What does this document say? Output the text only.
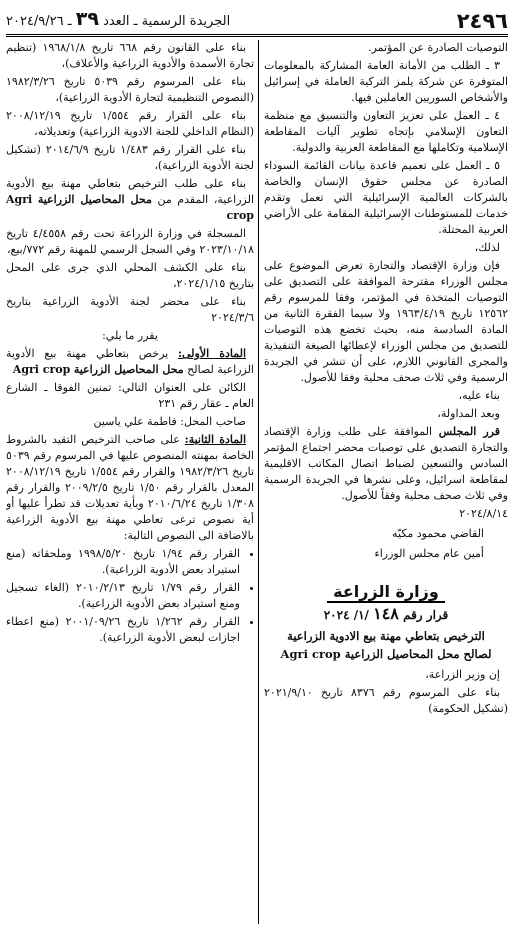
٢٤٩٦
الجريدة الرسمية ـ العدد ٣٩ ـ ٢٠٢٤/٩/٢٦

التوصيات الصادرة عن المؤتمر.

٣ ـ الطلب من الأمانة العامة المشاركة بالمعلومات المتوفرة عن شركة يلمز التركية العاملة في إسرائيل والأشخاص السوريين العاملين فيها.

٤ ـ العمل على تعزيز التعاون والتنسيق مع منظمة التعاون الإسلامي بإتجاه تطوير آليات المقاطعة الإسلامية وتكاملها مع المقاطعة العربية والدولية.

٥ ـ العمل على تعميم قاعدة بيانات القائمة السوداء الصادرة عن مجلس حقوق الإنسان والخاصة بالشركات العالمية الإسرائيلية التي تعمل وتقدم خدمات للمستوطنات الإسرائيلية المقامة على الأراضي العربية المحتلة.

لذلك،

فإن وزارة الإقتصاد والتجارة تعرض الموضوع على مجلس الوزراء مقترحة الموافقة على التصديق على التوصيات المتخذة في المؤتمر، وفقا للمرسوم رقم ١٢٥٦٢ تاريخ ١٩٦٣/٤/١٩ ولا سيما الفقرة الثانية من المادة السادسة منه، بحيث تخضع هذه التوصيات للتصديق من مجلس الوزراء لإعطائها الصيغة التنفيذية والمجرى القانوني اللازم، على أن تنشر في الجريدة الرسمية وفي ثلاث صحف محلية وفقا للأصول.

بناء عليه،

وبعد المداولة،

قرر المجلس الموافقة على طلب وزارة الإقتصاد والتجارة التصديق على توصيات محضر اجتماع المؤتمر السادس والتسعين لضباط اتصال المكاتب الاقليمية لمقاطعة اسرائيل، وعلى نشرها في الجريدة الرسمية وفي ثلاث صحف محلية وفقاً للأصول.

٢٠٢٤/٨/١٤

القاضي محمود مكيّه

أمين عام مجلس الوزراء

وزارة الزراعة
قرار رقم ١٤٨ /١/ ٢٠٢٤
الترخيص بتعاطي مهنة بيع الادوية الزراعية
لصالح محل المحاصيل الزراعية Agri crop

إن وزير الزراعة،

بناء على المرسوم رقم ٨٣٧٦ تاريخ ٢٠٢١/٩/١٠ (تشكيل الحكومة)

بناء على القانون رقم ٦٦٨ تاريخ ١٩٦٨/١/٨ (تنظيم تجارة الأسمدة والأدوية الزراعية والأعلاف)،

بناء على المرسوم رقم ٥٠٣٩ تاريخ ١٩٨٢/٣/٢٦ (النصوص التنظيمية لتجارة الأدوية الزراعية)،

بناء على القرار رقم ١/٥٥٤ تاريخ ٢٠٠٨/١٢/١٩ (النظام الداخلي للجنة الادوية الزراعية) وتعديلاته،

بناء على القرار رقم ١/٤٨٣ تاريخ ٢٠١٤/٦/٩ (تشكيل لجنة الأدوية الزراعية)،

بناء على طلب الترخيص بتعاطي مهنة بيع الأدوية الزراعية، المقدم من محل المحاصيل الزراعية Agri crop

المسجلة في وزارة الزراعة تحت رقم ٤/٤٥٥٨ تاريخ ٢٠٢٣/١٠/١٨ وفي السجل الرسمي للمهنة رقم ٧٧٢/بيع،

بناء على الكشف المحلي الذي جرى على المحل بتاريخ ٢٠٢٤/١/١٥،

بناء على محضر لجنة الأدوية الزراعية بتاريخ ٢٠٢٤/٣/٦

يقرر ما يلي:

المادة الأولى: يرخص بتعاطي مهنة بيع الأدوية الزراعية لصالح محل المحاصيل الزراعية Agri crop

الكائن على العنوان التالي: تمنين الفوقا ـ الشارع العام ـ عقار رقم ٢٣١

صاحب المحل: فاطمة علي ياسين

المادة الثانية: على صاحب الترخيص التقيد بالشروط الخاصة بمهنته المنصوص عليها في المرسوم رقم ٥٠٣٩ تاريخ ١٩٨٢/٣/٢٦ والقرار رقم ١/٥٥٤ تاريخ ٢٠٠٨/١٢/١٩ المعدل بالقرار رقم ١/٥٠ تاريخ ٢٠٠٩/٢/٥ والقرار رقم ١/٣٠٨ تاريخ ٢٠١٠/٦/٢٤ وبأية تعديلات قد تطرأ عليها أو أية نصوص ترعى تعاطي مهنة بيع الأدوية الزراعية بالاضافة الى النصوص التالية:

• القرار رقم ١/٩٤ تاريخ ١٩٩٨/٥/٢٠ وملحقاته (منع استيراد بعض الأدوية الزراعية).
• القرار رقم ١/٧٩ تاريخ ٢٠١٠/٢/١٣ (الغاء تسجيل ومنع استيراد بعض الأدوية الزراعية).
• القرار رقم ١/٢٦٢ تاريخ ٢٠٠١/٠٩/٢٦ (منع اعطاء اجازات لبعض الأدوية الزراعية).
